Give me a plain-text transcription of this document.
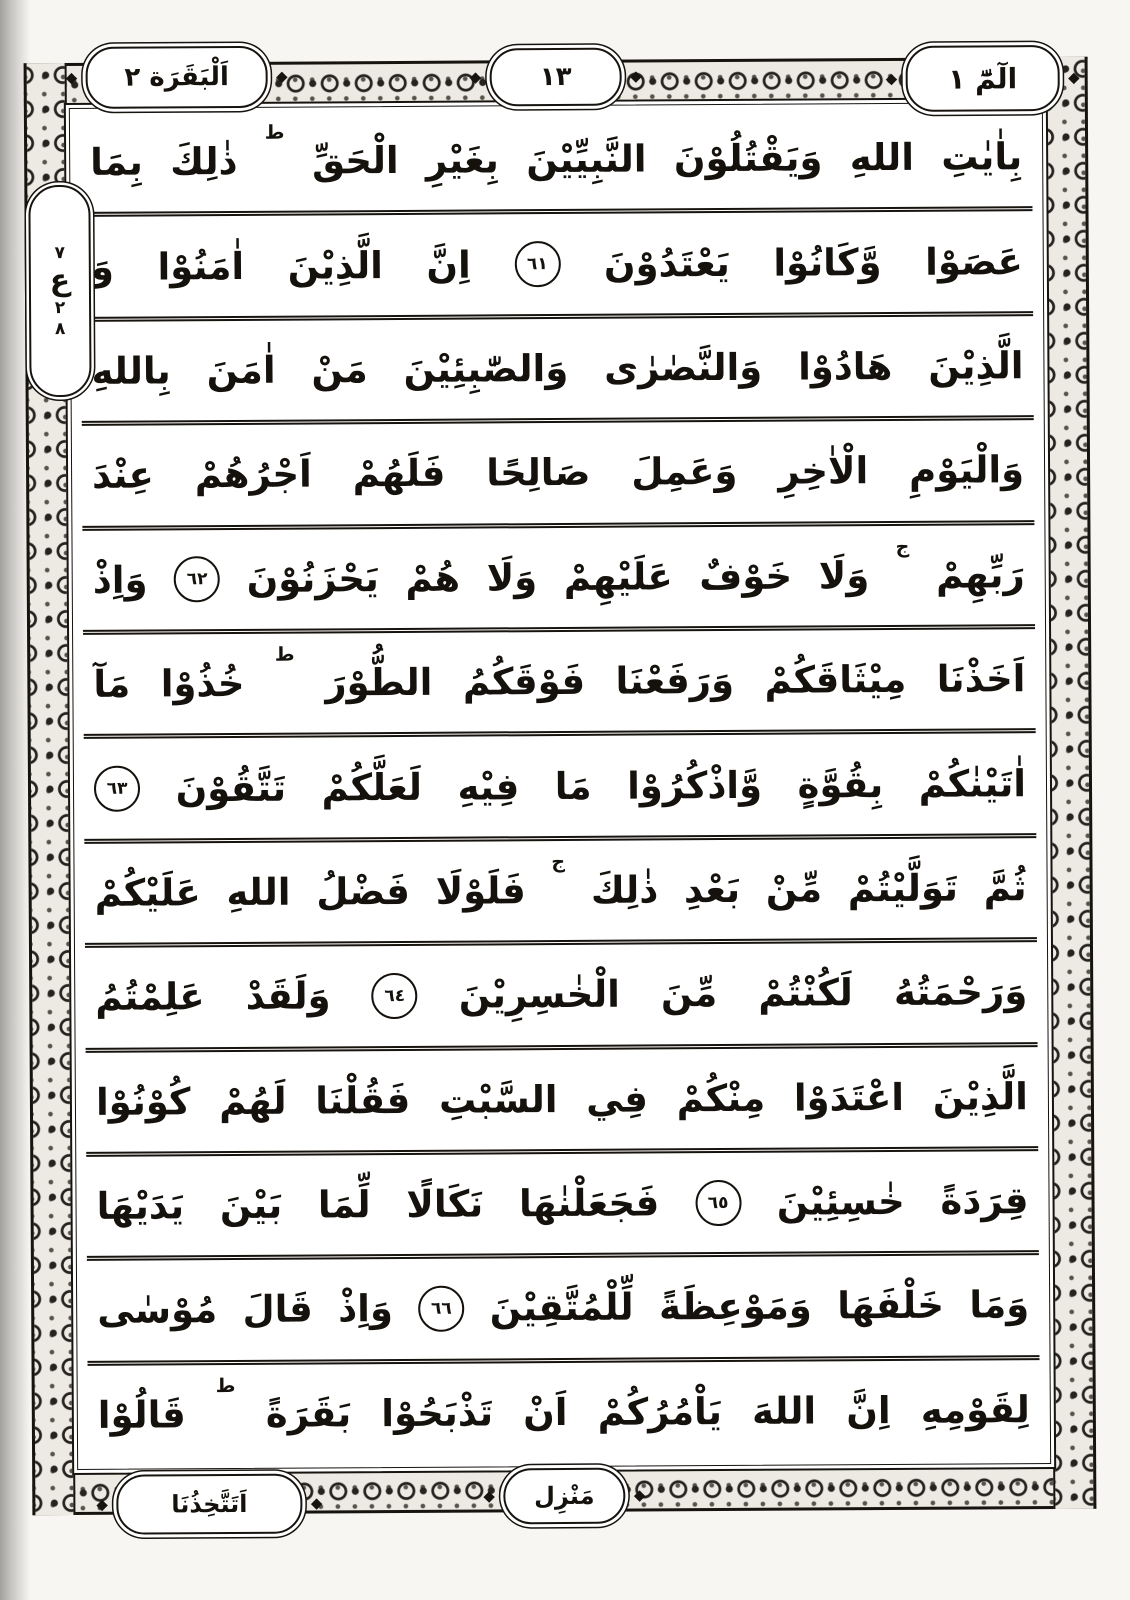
◆ اَلْبَقَرَة ٢	◆	◆ ١٣	◆	◆ الٓمّٓ ١	◆
٧
ع
٢
٨
بِاٰيٰتِ
اللهِ
وَيَقْتُلُوْنَ
النَّبِيِّيْنَ
بِغَيْرِ
الْحَقِّ
ط
ذٰلِكَ
بِمَا
عَصَوْا
وَّكَانُوْا
يَعْتَدُوْنَ
٦١
اِنَّ
الَّذِيْنَ
اٰمَنُوْا
وَ
الَّذِيْنَ
هَادُوْا
وَالنَّصٰرٰى
وَالصّٰبِئِيْنَ
مَنْ
اٰمَنَ
بِاللهِ
وَالْيَوْمِ
الْاٰخِرِ
وَعَمِلَ
صَالِحًا
فَلَهُمْ
اَجْرُهُمْ
عِنْدَ
رَبِّهِمْ
ج
وَلَا
خَوْفٌ
عَلَيْهِمْ
وَلَا
هُمْ
يَحْزَنُوْنَ
٦٢
وَاِذْ
اَخَذْنَا
مِيْثَاقَكُمْ
وَرَفَعْنَا
فَوْقَكُمُ
الطُّوْرَ
ط
خُذُوْا
مَآ
اٰتَيْنٰكُمْ
بِقُوَّةٍ
وَّاذْكُرُوْا
مَا
فِيْهِ
لَعَلَّكُمْ
تَتَّقُوْنَ
٦٣
ثُمَّ
تَوَلَّيْتُمْ
مِّنْ
بَعْدِ
ذٰلِكَ
ج
فَلَوْلَا
فَضْلُ
اللهِ
عَلَيْكُمْ
وَرَحْمَتُهُ
لَكُنْتُمْ
مِّنَ
الْخٰسِرِيْنَ
٦٤
وَلَقَدْ
عَلِمْتُمُ
الَّذِيْنَ
اعْتَدَوْا
مِنْكُمْ
فِي
السَّبْتِ
فَقُلْنَا
لَهُمْ
كُوْنُوْا
قِرَدَةً
خٰسِئِيْنَ
٦٥
فَجَعَلْنٰهَا
نَكَالًا
لِّمَا
بَيْنَ
يَدَيْهَا
وَمَا
خَلْفَهَا
وَمَوْعِظَةً
لِّلْمُتَّقِيْنَ
٦٦
وَاِذْ
قَالَ
مُوْسٰى
لِقَوْمِهِ
اِنَّ
اللهَ
يَاْمُرُكُمْ
اَنْ
تَذْبَحُوْا
بَقَرَةً
ط
قَالُوْا
◆	اَتَتَّخِذُنَا	◆	◆ مَنْزِل	◆
